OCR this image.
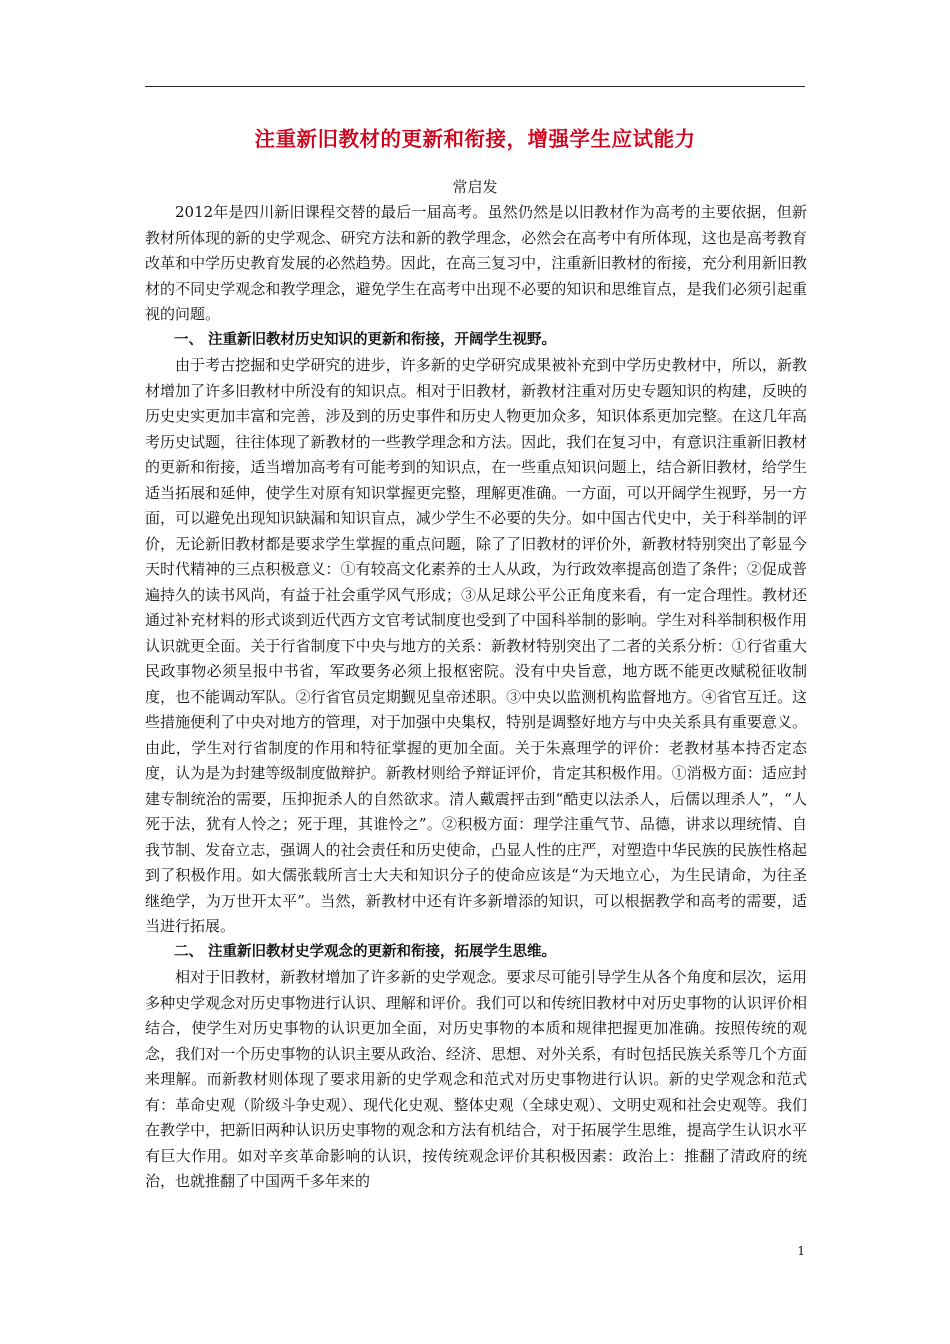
注重新旧教材的更新和衔接，增强学生应试能力

常启发

2012年是四川新旧课程交替的最后一届高考。虽然仍然是以旧教材作为高考的主要依据，但新教材所体现的新的史学观念、研究方法和新的教学理念，必然会在高考中有所体现，这也是高考教育改革和中学历史教育发展的必然趋势。因此，在高三复习中，注重新旧教材的衔接，充分利用新旧教材的不同史学观念和教学理念，避免学生在高考中出现不必要的知识和思维盲点，是我们必须引起重视的问题。

一、 注重新旧教材历史知识的更新和衔接，开阔学生视野。

由于考古挖掘和史学研究的进步，许多新的史学研究成果被补充到中学历史教材中，所以，新教材增加了许多旧教材中所没有的知识点。相对于旧教材，新教材注重对历史专题知识的构建，反映的历史史实更加丰富和完善，涉及到的历史事件和历史人物更加众多，知识体系更加完整。在这几年高考历史试题，往往体现了新教材的一些教学理念和方法。因此，我们在复习中，有意识注重新旧教材的更新和衔接，适当增加高考有可能考到的知识点，在一些重点知识问题上，结合新旧教材，给学生适当拓展和延伸，使学生对原有知识掌握更完整，理解更准确。一方面，可以开阔学生视野，另一方面，可以避免出现知识缺漏和知识盲点，减少学生不必要的失分。如中国古代史中，关于科举制的评价，无论新旧教材都是要求学生掌握的重点问题，除了了旧教材的评价外，新教材特别突出了彰显今天时代精神的三点积极意义：①有较高文化素养的士人从政，为行政效率提高创造了条件；②促成普遍持久的读书风尚，有益于社会重学风气形成；③从足球公平公正角度来看，有一定合理性。教材还通过补充材料的形式谈到近代西方文官考试制度也受到了中国科举制的影响。学生对科举制积极作用认识就更全面。关于行省制度下中央与地方的关系：新教材特别突出了二者的关系分析：①行省重大民政事物必须呈报中书省，军政要务必须上报枢密院。没有中央旨意，地方既不能更改赋税征收制度，也不能调动军队。②行省官员定期觐见皇帝述职。③中央以监测机构监督地方。④省官互迁。这些措施便利了中央对地方的管理，对于加强中央集权，特别是调整好地方与中央关系具有重要意义。由此，学生对行省制度的作用和特征掌握的更加全面。关于朱熹理学的评价：老教材基本持否定态度，认为是为封建等级制度做辩护。新教材则给予辩证评价，肯定其积极作用。①消极方面：适应封建专制统治的需要，压抑扼杀人的自然欲求。清人戴震抨击到“酷吏以法杀人，后儒以理杀人”，“人死于法，犹有人怜之；死于理，其谁怜之”。②积极方面：理学注重气节、品德，讲求以理统情、自我节制、发奋立志，强调人的社会责任和历史使命，凸显人性的庄严，对塑造中华民族的民族性格起到了积极作用。如大儒张载所言士大夫和知识分子的使命应该是“为天地立心，为生民请命，为往圣继绝学，为万世开太平”。当然，新教材中还有许多新增添的知识，可以根据教学和高考的需要，适当进行拓展。

二、 注重新旧教材史学观念的更新和衔接，拓展学生思维。

相对于旧教材，新教材增加了许多新的史学观念。要求尽可能引导学生从各个角度和层次，运用多种史学观念对历史事物进行认识、理解和评价。我们可以和传统旧教材中对历史事物的认识评价相结合，使学生对历史事物的认识更加全面，对历史事物的本质和规律把握更加准确。按照传统的观念，我们对一个历史事物的认识主要从政治、经济、思想、对外关系，有时包括民族关系等几个方面来理解。而新教材则体现了要求用新的史学观念和范式对历史事物进行认识。新的史学观念和范式有：革命史观（阶级斗争史观）、现代化史观、整体史观（全球史观）、文明史观和社会史观等。我们在教学中，把新旧两种认识历史事物的观念和方法有机结合，对于拓展学生思维，提高学生认识水平有巨大作用。如对辛亥革命影响的认识，按传统观念评价其积极因素：政治上：推翻了清政府的统治，也就推翻了中国两千多年来的

1
